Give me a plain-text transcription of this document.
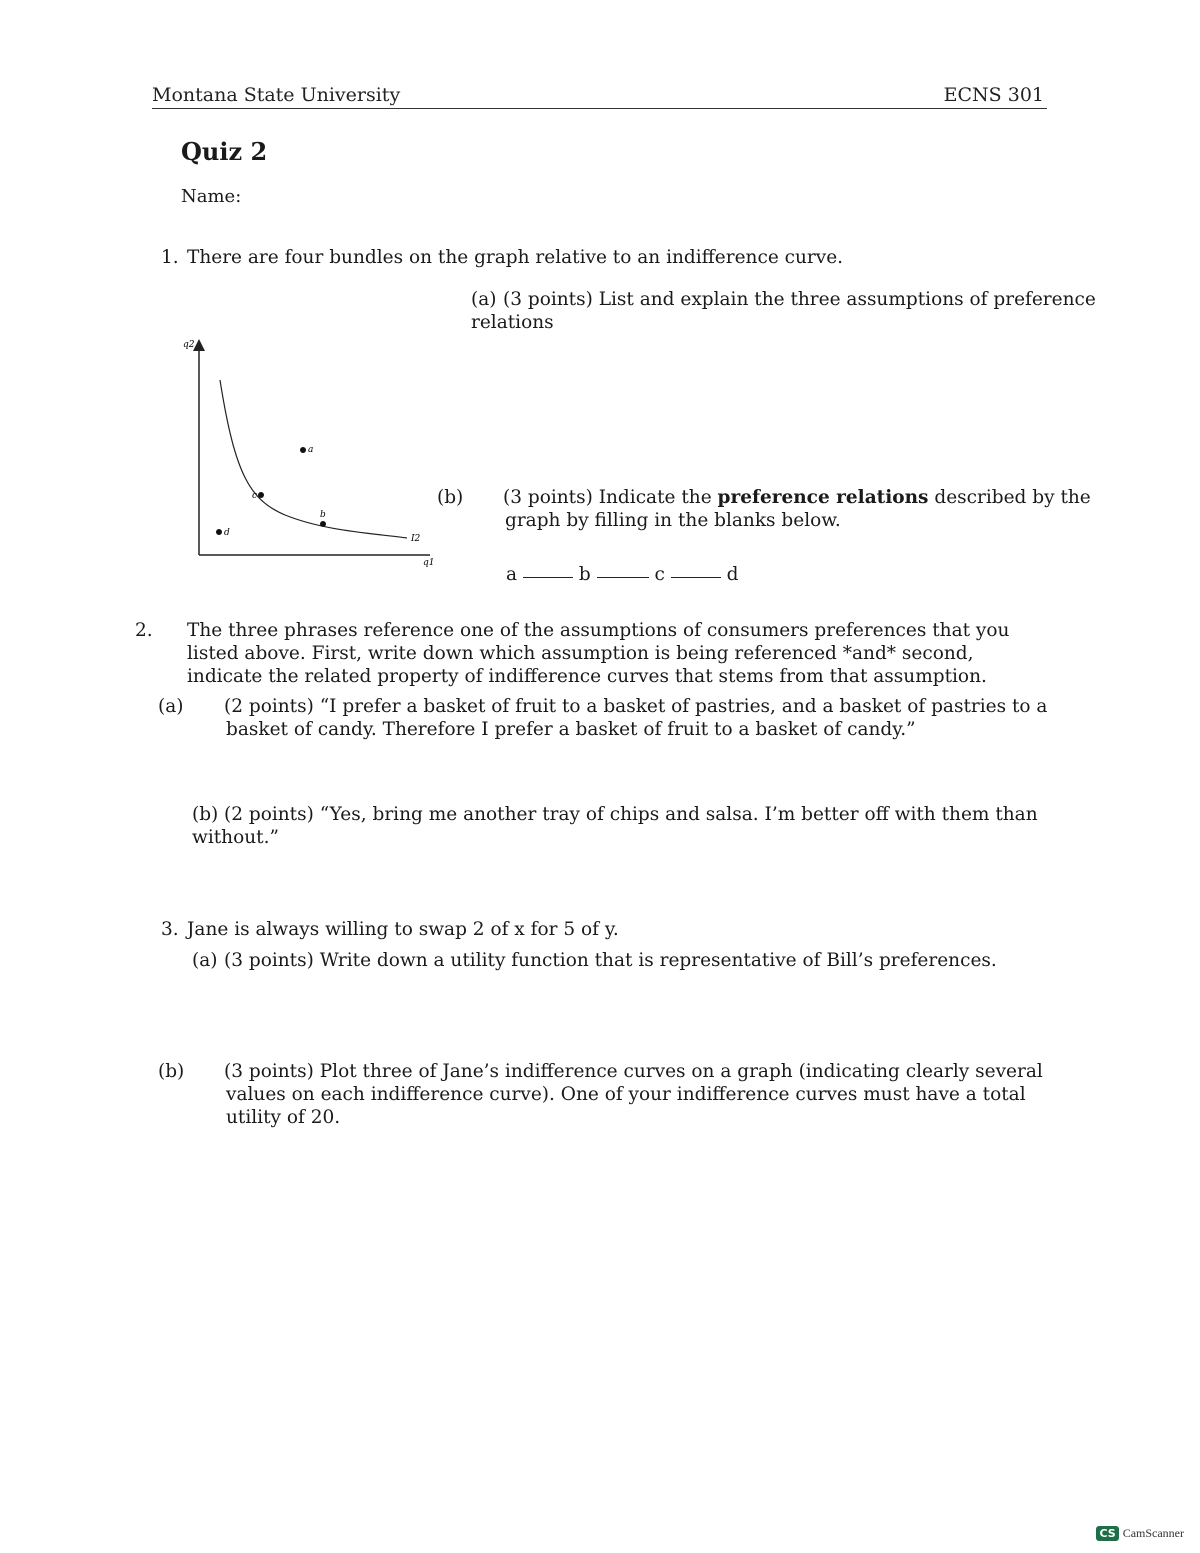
Montana State University	ECNS 301
Quiz 2
Name:
1. There are four bundles on the graph relative to an indifference curve.
(a) (3 points) List and explain the three assumptions of preference relations
(b) (3 points) Indicate the preference relations described by the graph by filling in the blanks below.
a	b	c	d
q2
q1
I2
a
b
c
d
2. The three phrases reference one of the assumptions of consumers preferences that you listed above. First, write down which assumption is being referenced *and* second, indicate the related property of indifference curves that stems from that assumption.
(a) (2 points) “I prefer a basket of fruit to a basket of pastries, and a basket of pastries to a basket of candy. Therefore I prefer a basket of fruit to a basket of candy.”
(b) (2 points) “Yes, bring me another tray of chips and salsa. I’m better off with them than without.”
3. Jane is always willing to swap 2 of x for 5 of y.
(a) (3 points) Write down a utility function that is representative of Bill’s preferences.
(b) (3 points) Plot three of Jane’s indifference curves on a graph (indicating clearly several values on each indifference curve). One of your indifference curves must have a total utility of 20.
CS CamScanner
